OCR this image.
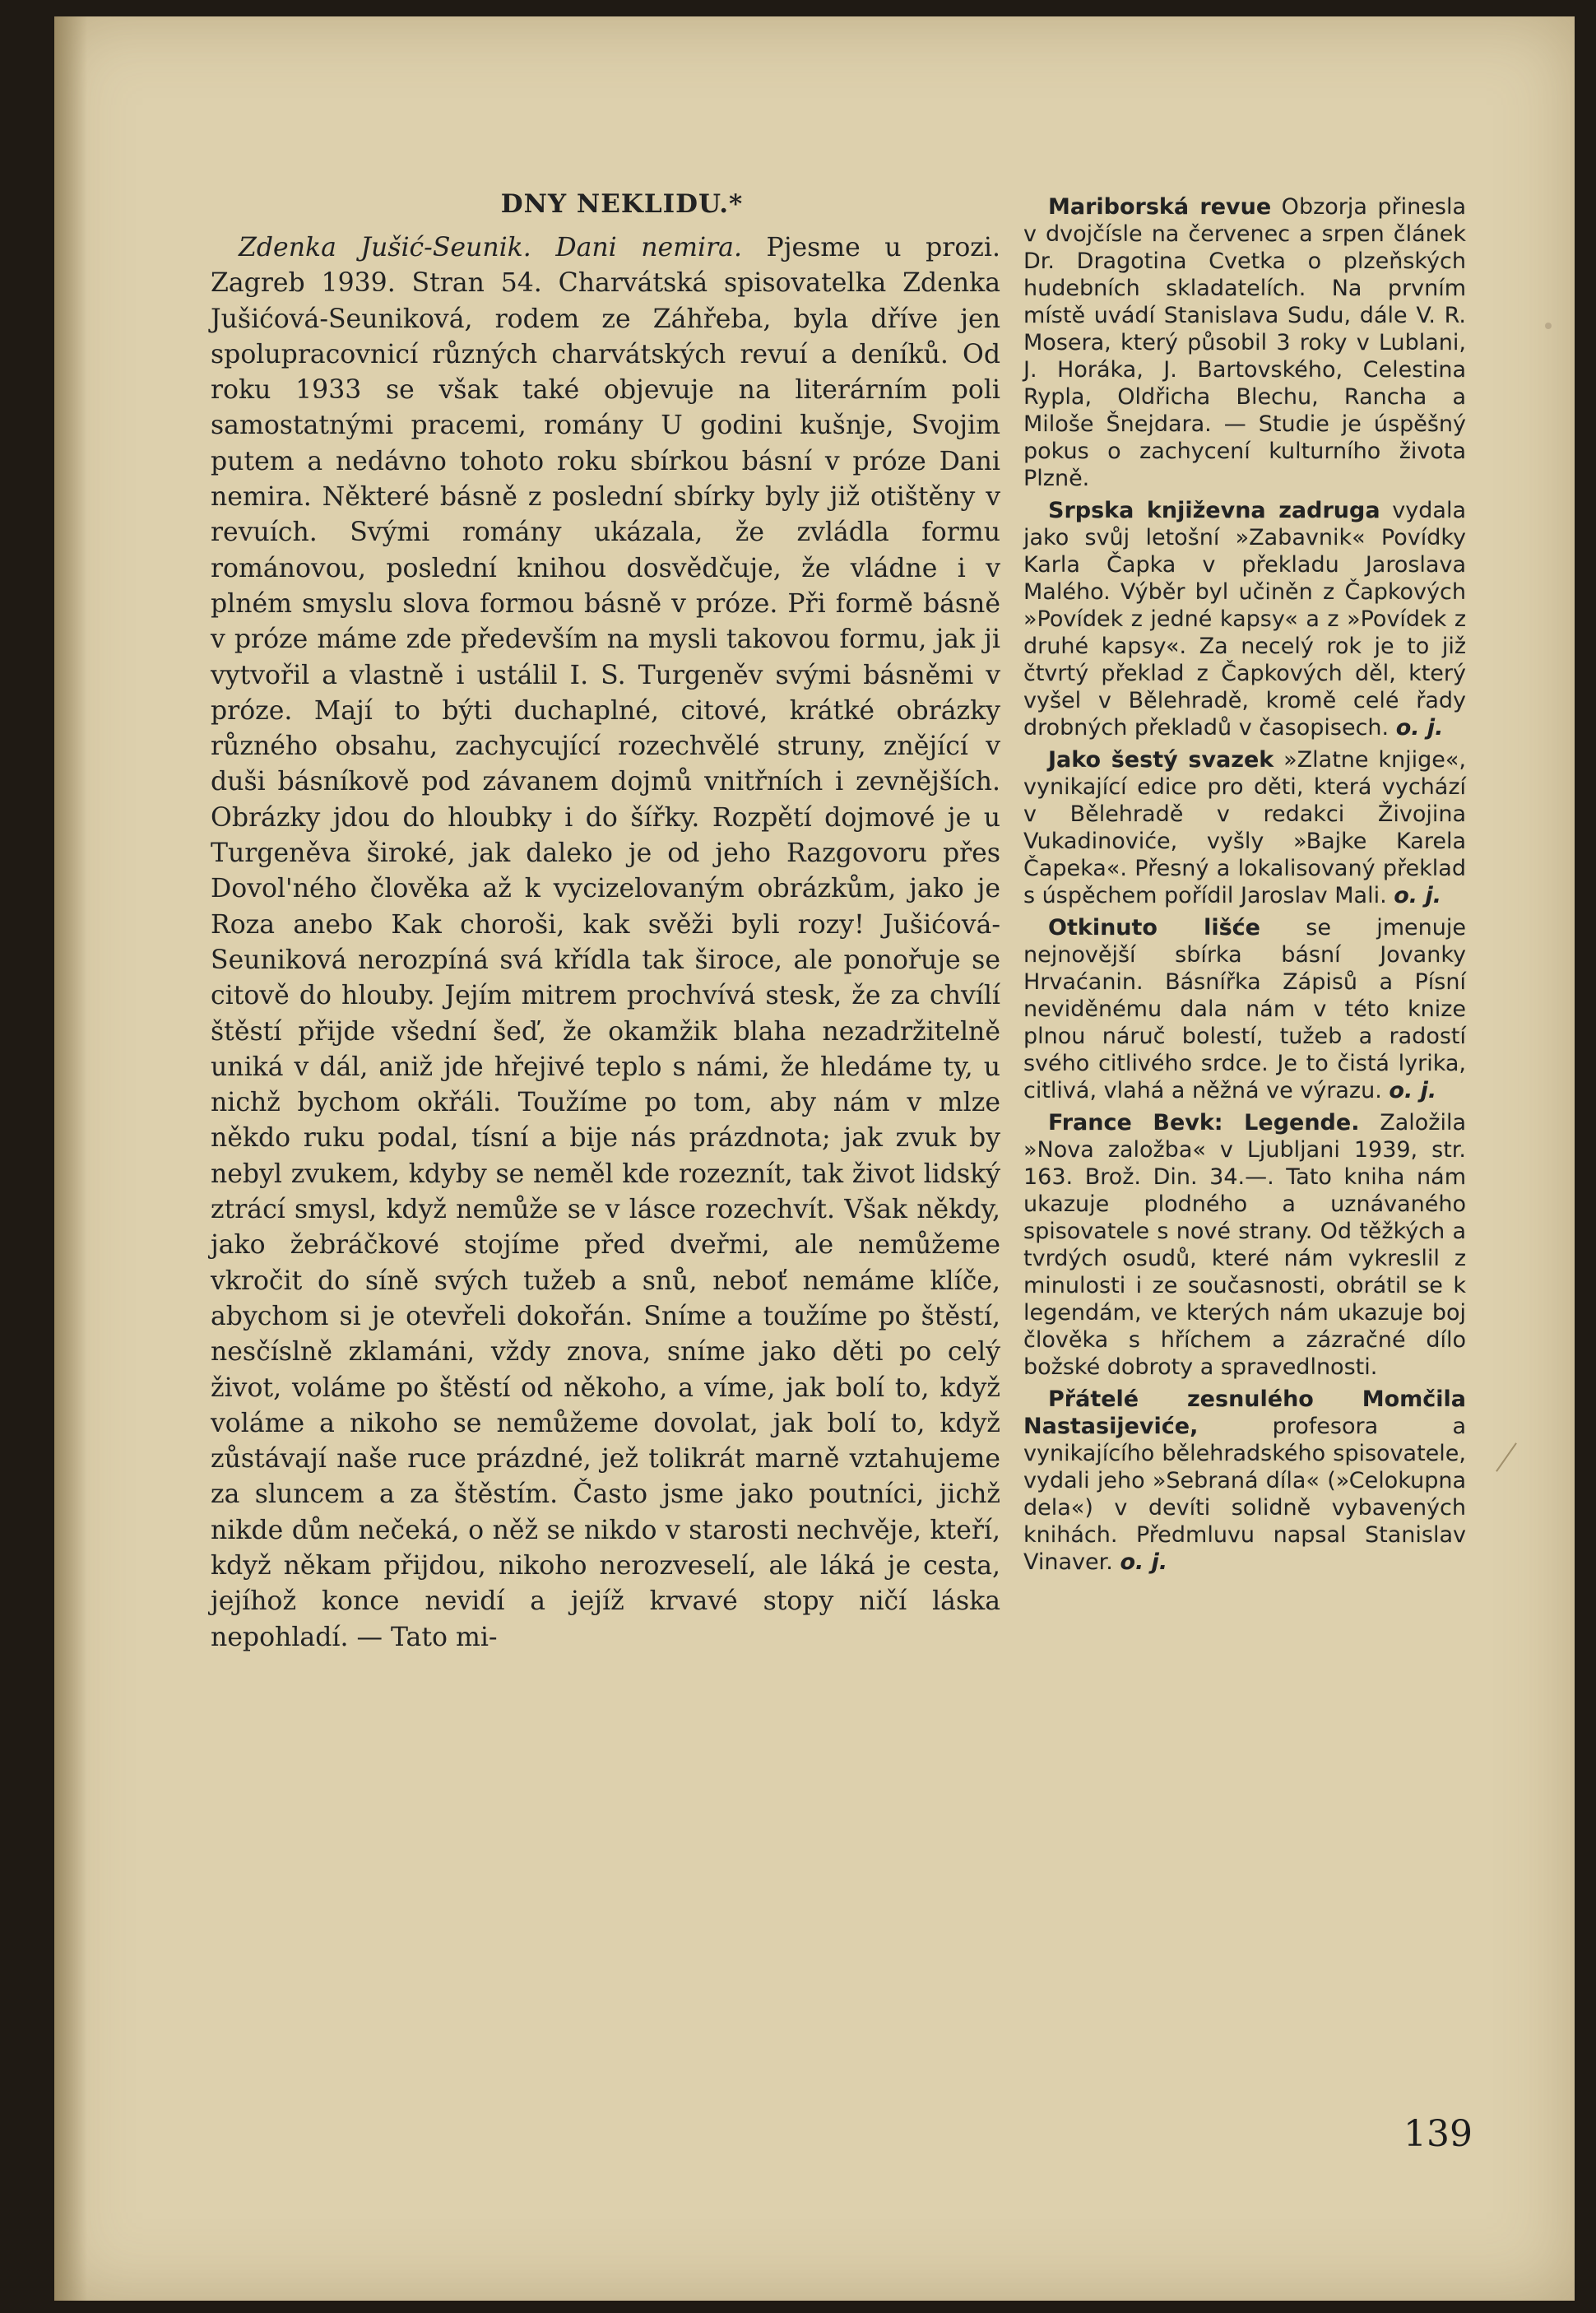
DNY NEKLIDU.*

Zdenka Jušić-Seunik. Dani nemira. Pjesme u prozi. Zagreb 1939. Stran 54. Charvátská spisovatelka Zdenka Jušićová-Seuniková, rodem ze Záhřeba, byla dříve jen spolupracovnicí různých charvátských revuí a deníků. Od roku 1933 se však také objevuje na literárním poli samostatnými pracemi, romány U godini kušnje, Svojim putem a nedávno tohoto roku sbírkou básní v próze Dani nemira. Některé básně z poslední sbírky byly již otištěny v revuích. Svými romány ukázala, že zvládla formu románovou, poslední knihou dosvědčuje, že vládne i v plném smyslu slova formou básně v próze. Při formě básně v próze máme zde především na mysli takovou formu, jak ji vytvořil a vlastně i ustálil I. S. Turgeněv svými básněmi v próze. Mají to býti duchaplné, citové, krátké obrázky různého obsahu, zachycující rozechvělé struny, znějící v duši básníkově pod závanem dojmů vnitřních i zevnějších. Obrázky jdou do hloubky i do šířky. Rozpětí dojmové je u Turgeněva široké, jak daleko je od jeho Razgovoru přes Dovol'ného člověka až k vycizelovaným obrázkům, jako je Roza anebo Kak choroši, kak svěži byli rozy! Jušićová-Seuniková nerozpíná svá křídla tak široce, ale ponořuje se citově do hlouby. Jejím mitrem prochvívá stesk, že za chvílí štěstí přijde všední šeď, že okamžik blaha nezadržitelně uniká v dál, aniž jde hřejivé teplo s námi, že hledáme ty, u nichž bychom okřáli. Toužíme po tom, aby nám v mlze někdo ruku podal, tísní a bije nás prázdnota; jak zvuk by nebyl zvukem, kdyby se neměl kde rozeznít, tak život lidský ztrácí smysl, když nemůže se v lásce rozechvít. Však někdy, jako žebráčkové stojíme před dveřmi, ale nemůžeme vkročit do síně svých tužeb a snů, neboť nemáme klíče, abychom si je otevřeli dokořán. Sníme a toužíme po štěstí, nesčíslně zklamáni, vždy znova, sníme jako děti po celý život, voláme po štěstí od někoho, a víme, jak bolí to, když voláme a nikoho se nemůžeme dovolat, jak bolí to, když zůstávají naše ruce prázdné, jež tolikrát marně vztahujeme za sluncem a za štěstím. Často jsme jako poutníci, jichž nikde dům nečeká, o něž se nikdo v starosti nechvěje, kteří, když někam přijdou, nikoho nerozveselí, ale láká je cesta, jejíhož konce nevidí a jejíž krvavé stopy ničí láska nepohladí. — Tato mi-

Mariborská revue Obzorja přinesla v dvojčísle na červenec a srpen článek Dr. Dragotina Cvetka o plzeňských hudebních skladatelích. Na prvním místě uvádí Stanislava Sudu, dále V. R. Mosera, který působil 3 roky v Lublani, J. Horáka, J. Bartovského, Celestina Rypla, Oldřicha Blechu, Rancha a Miloše Šnejdara. — Studie je úspěšný pokus o zachycení kulturního života Plzně.

Srpska književna zadruga vydala jako svůj letošní »Zabavnik« Povídky Karla Čapka v překladu Jaroslava Malého. Výběr byl učiněn z Čapkových »Povídek z jedné kapsy« a z »Povídek z druhé kapsy«. Za necelý rok je to již čtvrtý překlad z Čapkových děl, který vyšel v Bělehradě, kromě celé řady drobných překladů v časopisech. o. j.

Jako šestý svazek »Zlatne knjige«, vynikající edice pro děti, která vychází v Bělehradě v redakci Živojina Vukadinoviće, vyšly »Bajke Karela Čapeka«. Přesný a lokalisovaný překlad s úspěchem pořídil Jaroslav Mali. o. j.

Otkinuto lišće se jmenuje nejnovější sbírka básní Jovanky Hrvaćanin. Básnířka Zápisů a Písní neviděnému dala nám v této knize plnou náruč bolestí, tužeb a radostí svého citlivého srdce. Je to čistá lyrika, citlivá, vlahá a něžná ve výrazu. o. j.

France Bevk: Legende. Založila »Nova založba« v Ljubljani 1939, str. 163. Brož. Din. 34.—. Tato kniha nám ukazuje plodného a uznávaného spisovatele s nové strany. Od těžkých a tvrdých osudů, které nám vykreslil z minulosti i ze současnosti, obrátil se k legendám, ve kterých nám ukazuje boj člověka s hříchem a zázračné dílo božské dobroty a spravedlnosti.

Přátelé zesnulého Momčila Nastasijeviće, profesora a vynikajícího bělehradského spisovatele, vydali jeho »Sebraná díla« (»Celokupna dela«) v devíti solidně vybavených knihách. Předmluvu napsal Stanislav Vinaver. o. j.

139
